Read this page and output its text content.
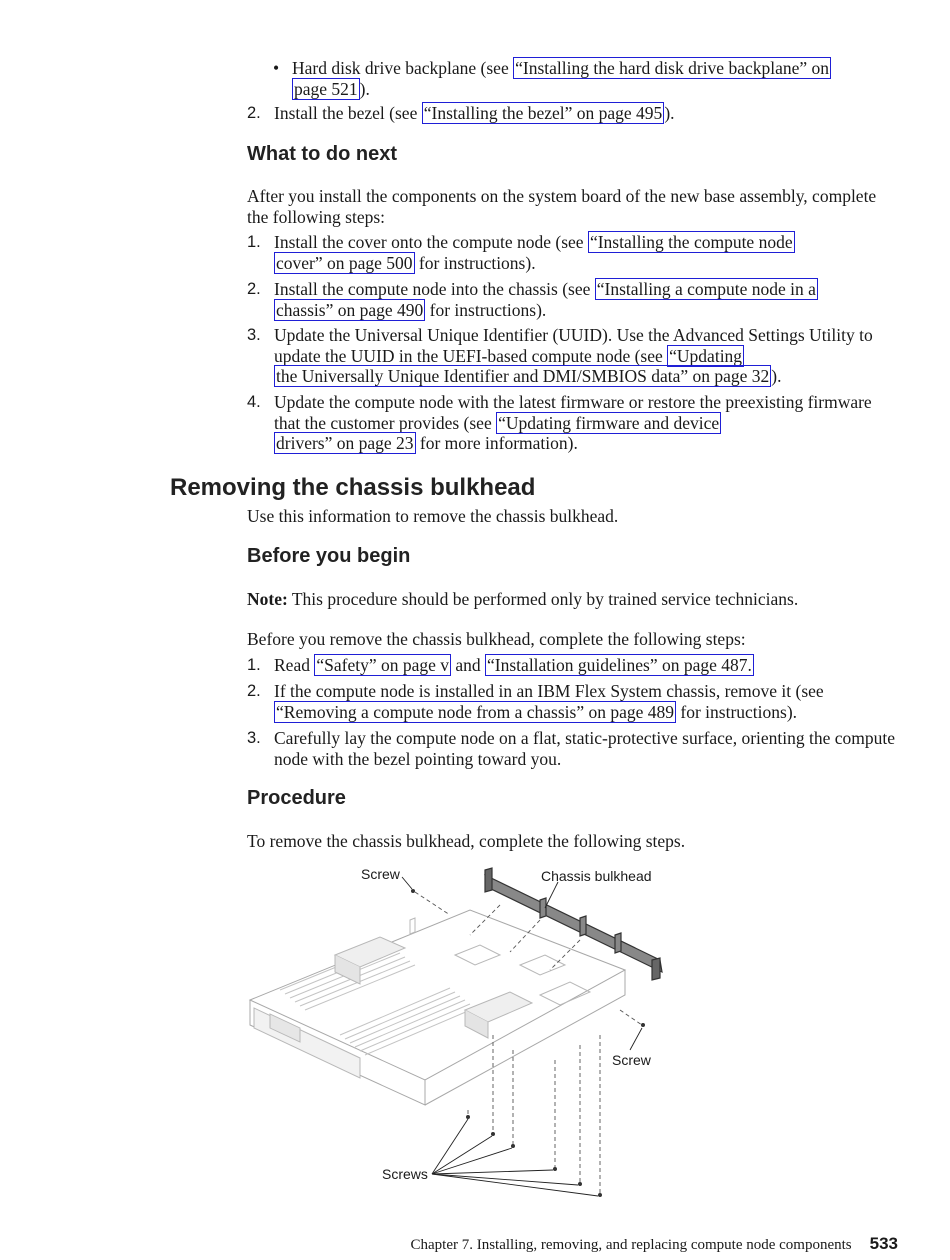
• Hard disk drive backplane (see “Installing the hard disk drive backplane” on
page 521 ).
2. Install the bezel (see “Installing the bezel” on page 495 ).
What to do next
After you install the components on the system board of the new base assembly, complete the following steps:
1. Install the cover onto the compute node (see “Installing the compute node
cover” on page 500 for instructions).
2. Install the compute node into the chassis (see “Installing a compute node in a
chassis” on page 490 for instructions).
3. Update the Universal Unique Identifier (UUID). Use the Advanced Settings Utility to update the UUID in the UEFI-based compute node (see “Updating
the Universally Unique Identifier and DMI/SMBIOS data” on page 32 ).
4. Update the compute node with the latest firmware or restore the preexisting firmware that the customer provides (see “Updating firmware and device
drivers” on page 23 for more information).
Removing the chassis bulkhead
Use this information to remove the chassis bulkhead.
Before you begin
Note: This procedure should be performed only by trained service technicians.
Before you remove the chassis bulkhead, complete the following steps:
1. Read “Safety” on page v and “Installation guidelines” on page 487.
2. If the compute node is installed in an IBM Flex System chassis, remove it (see
“Removing a compute node from a chassis” on page 489 for instructions).
3. Carefully lay the compute node on a flat, static-protective surface, orienting the compute node with the bezel pointing toward you.
Procedure
To remove the chassis bulkhead, complete the following steps.
Screw	Chassis bulkhead
Screw
Screws
Chapter 7. Installing, removing, and replacing compute node components 533
